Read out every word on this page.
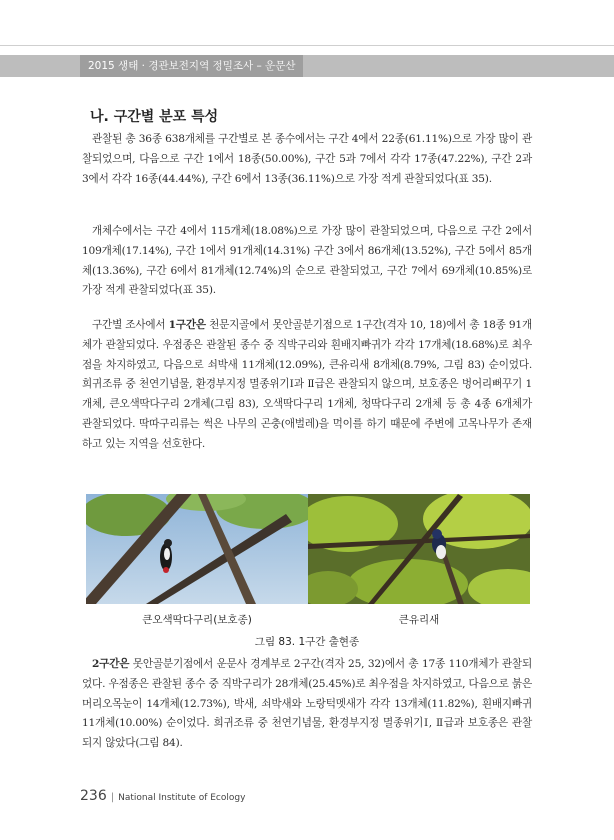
2015 생태 · 경관보전지역 정밀조사 – 운문산
나. 구간별 분포 특성

관찰된 총 36종 638개체를 구간별로 본 종수에서는 구간 4에서 22종(61.11%)으로 가장 많이 관찰되었으며, 다음으로 구간 1에서 18종(50.00%), 구간 5과 7에서 각각 17종(47.22%), 구간 2과 3에서 각각 16종(44.44%), 구간 6에서 13종(36.11%)으로 가장 적게 관찰되었다(표 35).

개체수에서는 구간 4에서 115개체(18.08%)으로 가장 많이 관찰되었으며, 다음으로 구간 2에서 109개체(17.14%), 구간 1에서 91개체(14.31%) 구간 3에서 86개체(13.52%), 구간 5에서 85개체(13.36%), 구간 6에서 81개체(12.74%)의 순으로 관찰되었고, 구간 7에서 69개체(10.85%)로 가장 적게 관찰되었다(표 35).

구간별 조사에서 1구간은 천문지골에서 못안골분기점으로 1구간(격자 10, 18)에서 총 18종 91개체가 관찰되었다. 우점종은 관찰된 종수 중 직박구리와 흰배지빠귀가 각각 17개체(18.68%)로 최우점을 차지하였고, 다음으로 쇠박새 11개체(12.09%), 큰유리새 8개체(8.79%, 그림 83) 순이었다. 희귀조류 중 천연기념물, 환경부지정 멸종위기Ⅰ과 Ⅱ급은 관찰되지 않으며, 보호종은 벙어리뻐꾸기 1개체, 큰오색딱다구리 2개체(그림 83), 오색딱다구리 1개체, 청딱다구리 2개체 등 총 4종 6개체가 관찰되었다. 딱따구리류는 썩은 나무의 곤충(애벌레)을 먹이를 하기 때문에 주변에 고목나무가 존재하고 있는 지역을 선호한다.

큰오색딱다구리(보호종)	큰유리새
그림 83. 1구간 출현종

2구간은 못안골분기점에서 운문사 경계부로 2구간(격자 25, 32)에서 총 17종 110개체가 관찰되었다. 우점종은 관찰된 종수 중 직박구리가 28개체(25.45%)로 최우점을 차지하였고, 다음으로 붉은머리오목눈이 14개체(12.73%), 박새, 쇠박새와 노랑턱멧새가 각각 13개체(11.82%), 흰배지빠귀 11개체(10.00%) 순이었다. 희귀조류 중 천연기념물, 환경부지정 멸종위기Ⅰ, Ⅱ급과 보호종은 관찰되지 않았다(그림 84).

236 | National Institute of Ecology
